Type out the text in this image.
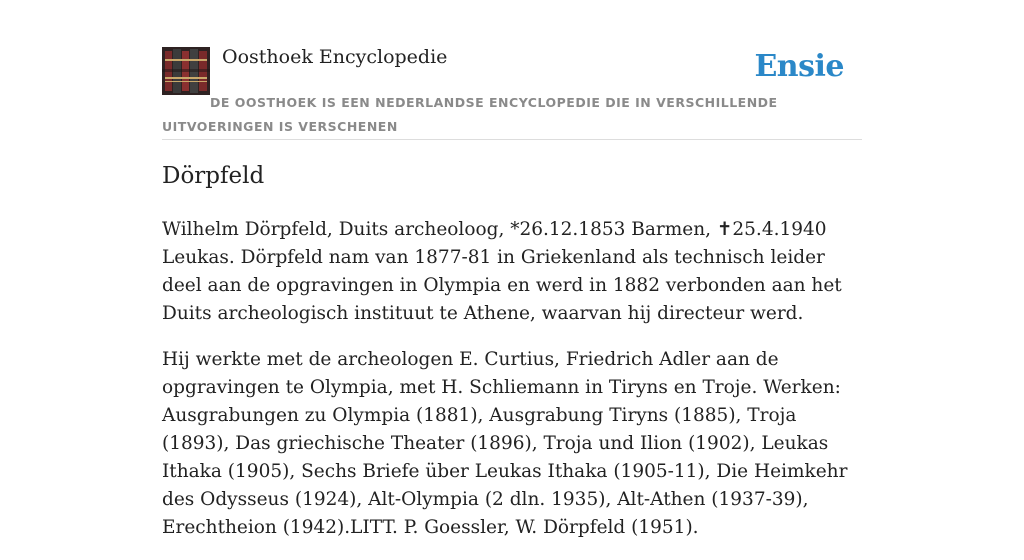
Oosthoek Encyclopedie	Ensie
DE OOSTHOEK IS EEN NEDERLANDSE ENCYCLOPEDIE DIE IN VERSCHILLENDE UITVOERINGEN IS VERSCHENEN
Dörpfeld

Wilhelm Dörpfeld, Duits archeoloog, *26.12.1853 Barmen, ✝25.4.1940 Leukas. Dörpfeld nam van 1877-81 in Griekenland als technisch leider deel aan de opgravingen in Olympia en werd in 1882 verbonden aan het Duits archeologisch instituut te Athene, waarvan hij directeur werd.

Hij werkte met de archeologen E. Curtius, Friedrich Adler aan de opgravingen te Olympia, met H. Schliemann in Tiryns en Troje. Werken: Ausgrabungen zu Olympia (1881), Ausgrabung Tiryns (1885), Troja (1893), Das griechische Theater (1896), Troja und Ilion (1902), Leukas Ithaka (1905), Sechs Briefe über Leukas Ithaka (1905-11), Die Heimkehr des Odysseus (1924), Alt-Olympia (2 dln. 1935), Alt-Athen (1937-39), Erechtheion (1942).LITT. P. Goessler, W. Dörpfeld (1951).
